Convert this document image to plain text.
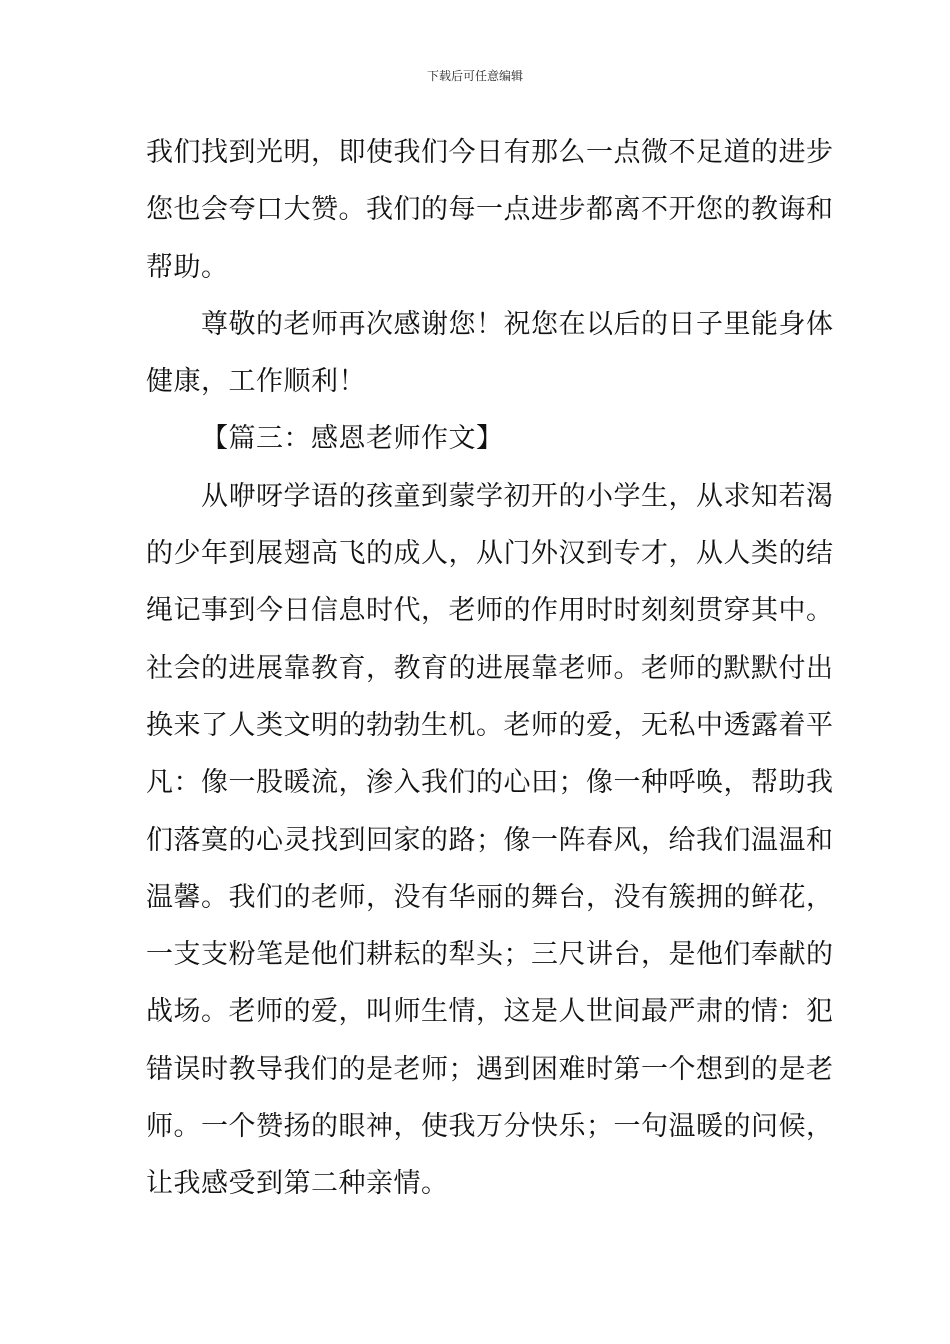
下载后可任意编辑
我们找到光明，即使我们今日有那么一点微不足道的进步
您也会夸口大赞。我们的每一点进步都离不开您的教诲和
帮助。
尊敬的老师再次感谢您！祝您在以后的日子里能身体
健康，工作顺利！
【篇三：感恩老师作文】
从咿呀学语的孩童到蒙学初开的小学生，从求知若渴
的少年到展翅高飞的成人，从门外汉到专才，从人类的结
绳记事到今日信息时代，老师的作用时时刻刻贯穿其中。
社会的进展靠教育，教育的进展靠老师。老师的默默付出
换来了人类文明的勃勃生机。老师的爱，无私中透露着平
凡：像一股暖流，渗入我们的心田；像一种呼唤，帮助我
们落寞的心灵找到回家的路；像一阵春风，给我们温温和
温馨。我们的老师，没有华丽的舞台，没有簇拥的鲜花，
一支支粉笔是他们耕耘的犁头；三尺讲台，是他们奉献的
战场。老师的爱，叫师生情，这是人世间最严肃的情：犯
错误时教导我们的是老师；遇到困难时第一个想到的是老
师。一个赞扬的眼神，使我万分快乐；一句温暖的问候，
让我感受到第二种亲情。
